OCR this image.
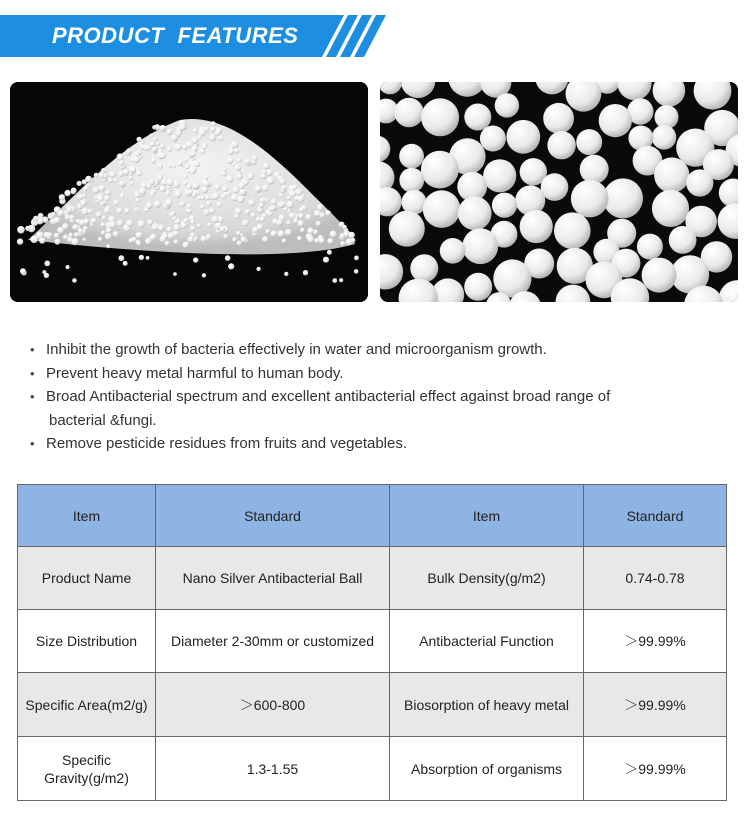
PRODUCT  FEATURES
• Inhibit the growth of bacteria effectively in water and microorganism growth.
• Prevent heavy metal harmful to human body.
• Broad Antibacterial spectrum and excellent antibacterial effect against broad range of
bacterial &fungi.
• Remove pesticide residues from fruits and vegetables.
Item	Standard	Item	Standard
Product Name	Nano Silver Antibacterial Ball	Bulk Density(g/m2)	0.74-0.78
Size Distribution	Diameter 2-30mm or customized	Antibacterial Function	＞99.99%
Specific Area(m2/g)	＞600-800	Biosorption of heavy metal	＞99.99%
Specific Gravity(g/m2)	1.3-1.55	Absorption of organisms	＞99.99%
